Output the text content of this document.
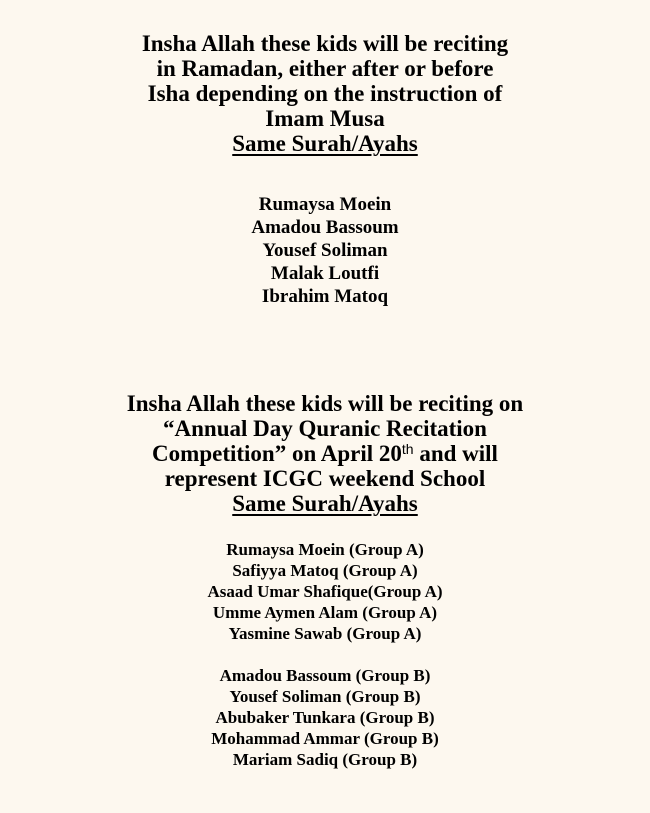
Insha Allah these kids will be reciting
in Ramadan, either after or before
Isha depending on the instruction of
Imam Musa
Same Surah/Ayahs
Rumaysa Moein
Amadou Bassoum
Yousef Soliman
Malak Loutfi
Ibrahim Matoq
Insha Allah these kids will be reciting on
“Annual Day Quranic Recitation
Competition” on April 20th and will
represent ICGC weekend School
Same Surah/Ayahs
Rumaysa Moein (Group A)
Safiyya Matoq (Group A)
Asaad Umar Shafique(Group A)
Umme Aymen Alam (Group A)
Yasmine Sawab (Group A)
Amadou Bassoum (Group B)
Yousef Soliman (Group B)
Abubaker Tunkara (Group B)
Mohammad Ammar (Group B)
Mariam Sadiq (Group B)
